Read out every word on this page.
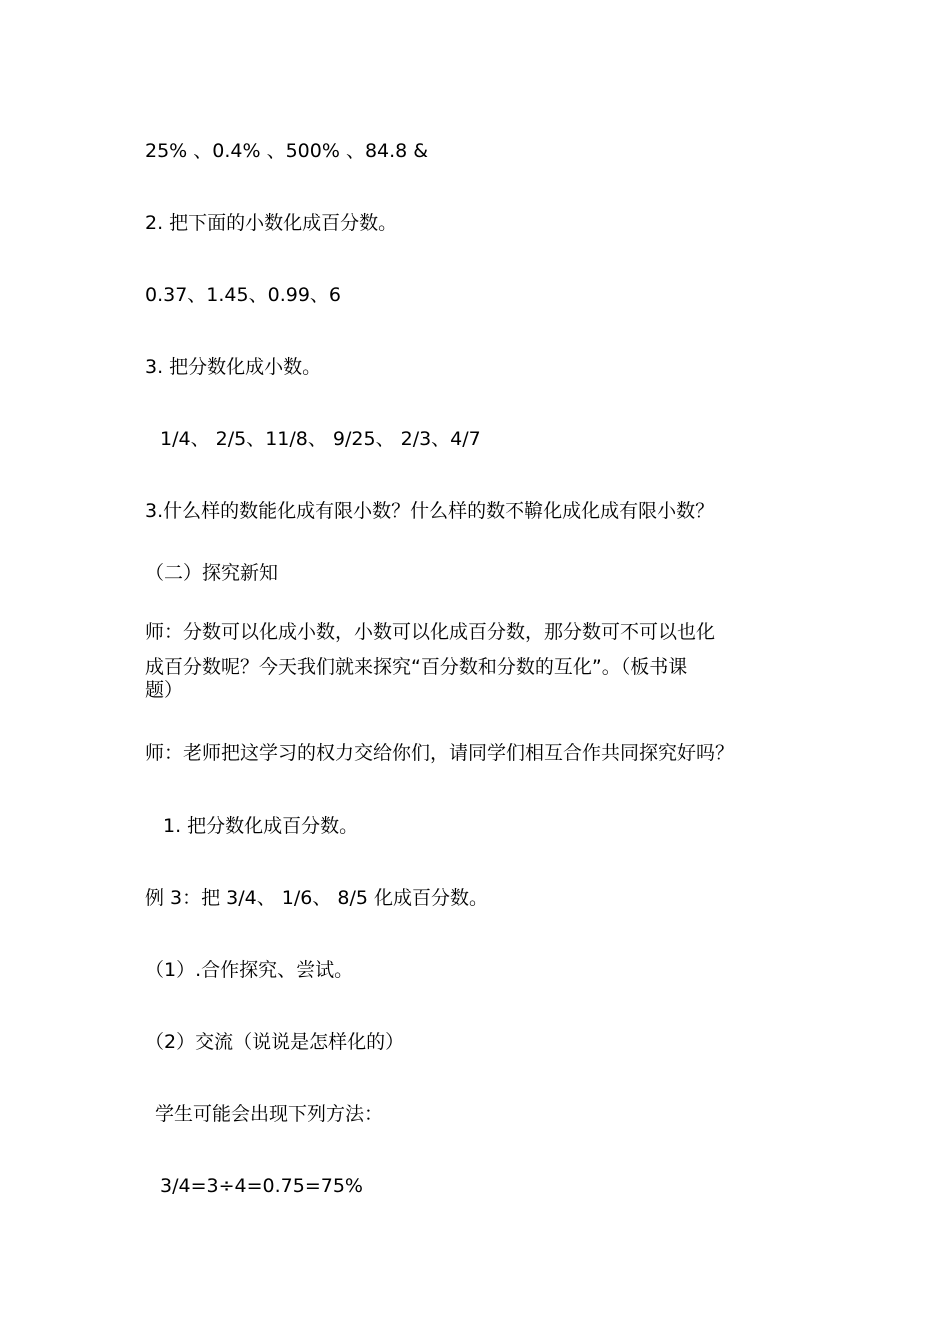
25% 、0.4% 、500% 、84.8 &
2. 把下面的小数化成百分数。
0.37、1.45、0.99、6
3. 把分数化成小数。
1/4、 2/5、11/8、 9/25、 2/3、4/7
3.什么样的数能化成有限小数？什么样的数不鞥化成化成有限小数？
（二）探究新知
师：分数可以化成小数，小数可以化成百分数，那分数可不可以也化
成百分数呢？今天我们就来探究“百分数和分数的互化”。（板书课
题）
师：老师把这学习的权力交给你们，请同学们相互合作共同探究好吗？
1. 把分数化成百分数。
例 3：把 3/4、 1/6、 8/5 化成百分数。
（1）.合作探究、尝试。
（2）交流（说说是怎样化的）
学生可能会出现下列方法：
3/4=3÷4=0.75=75%
